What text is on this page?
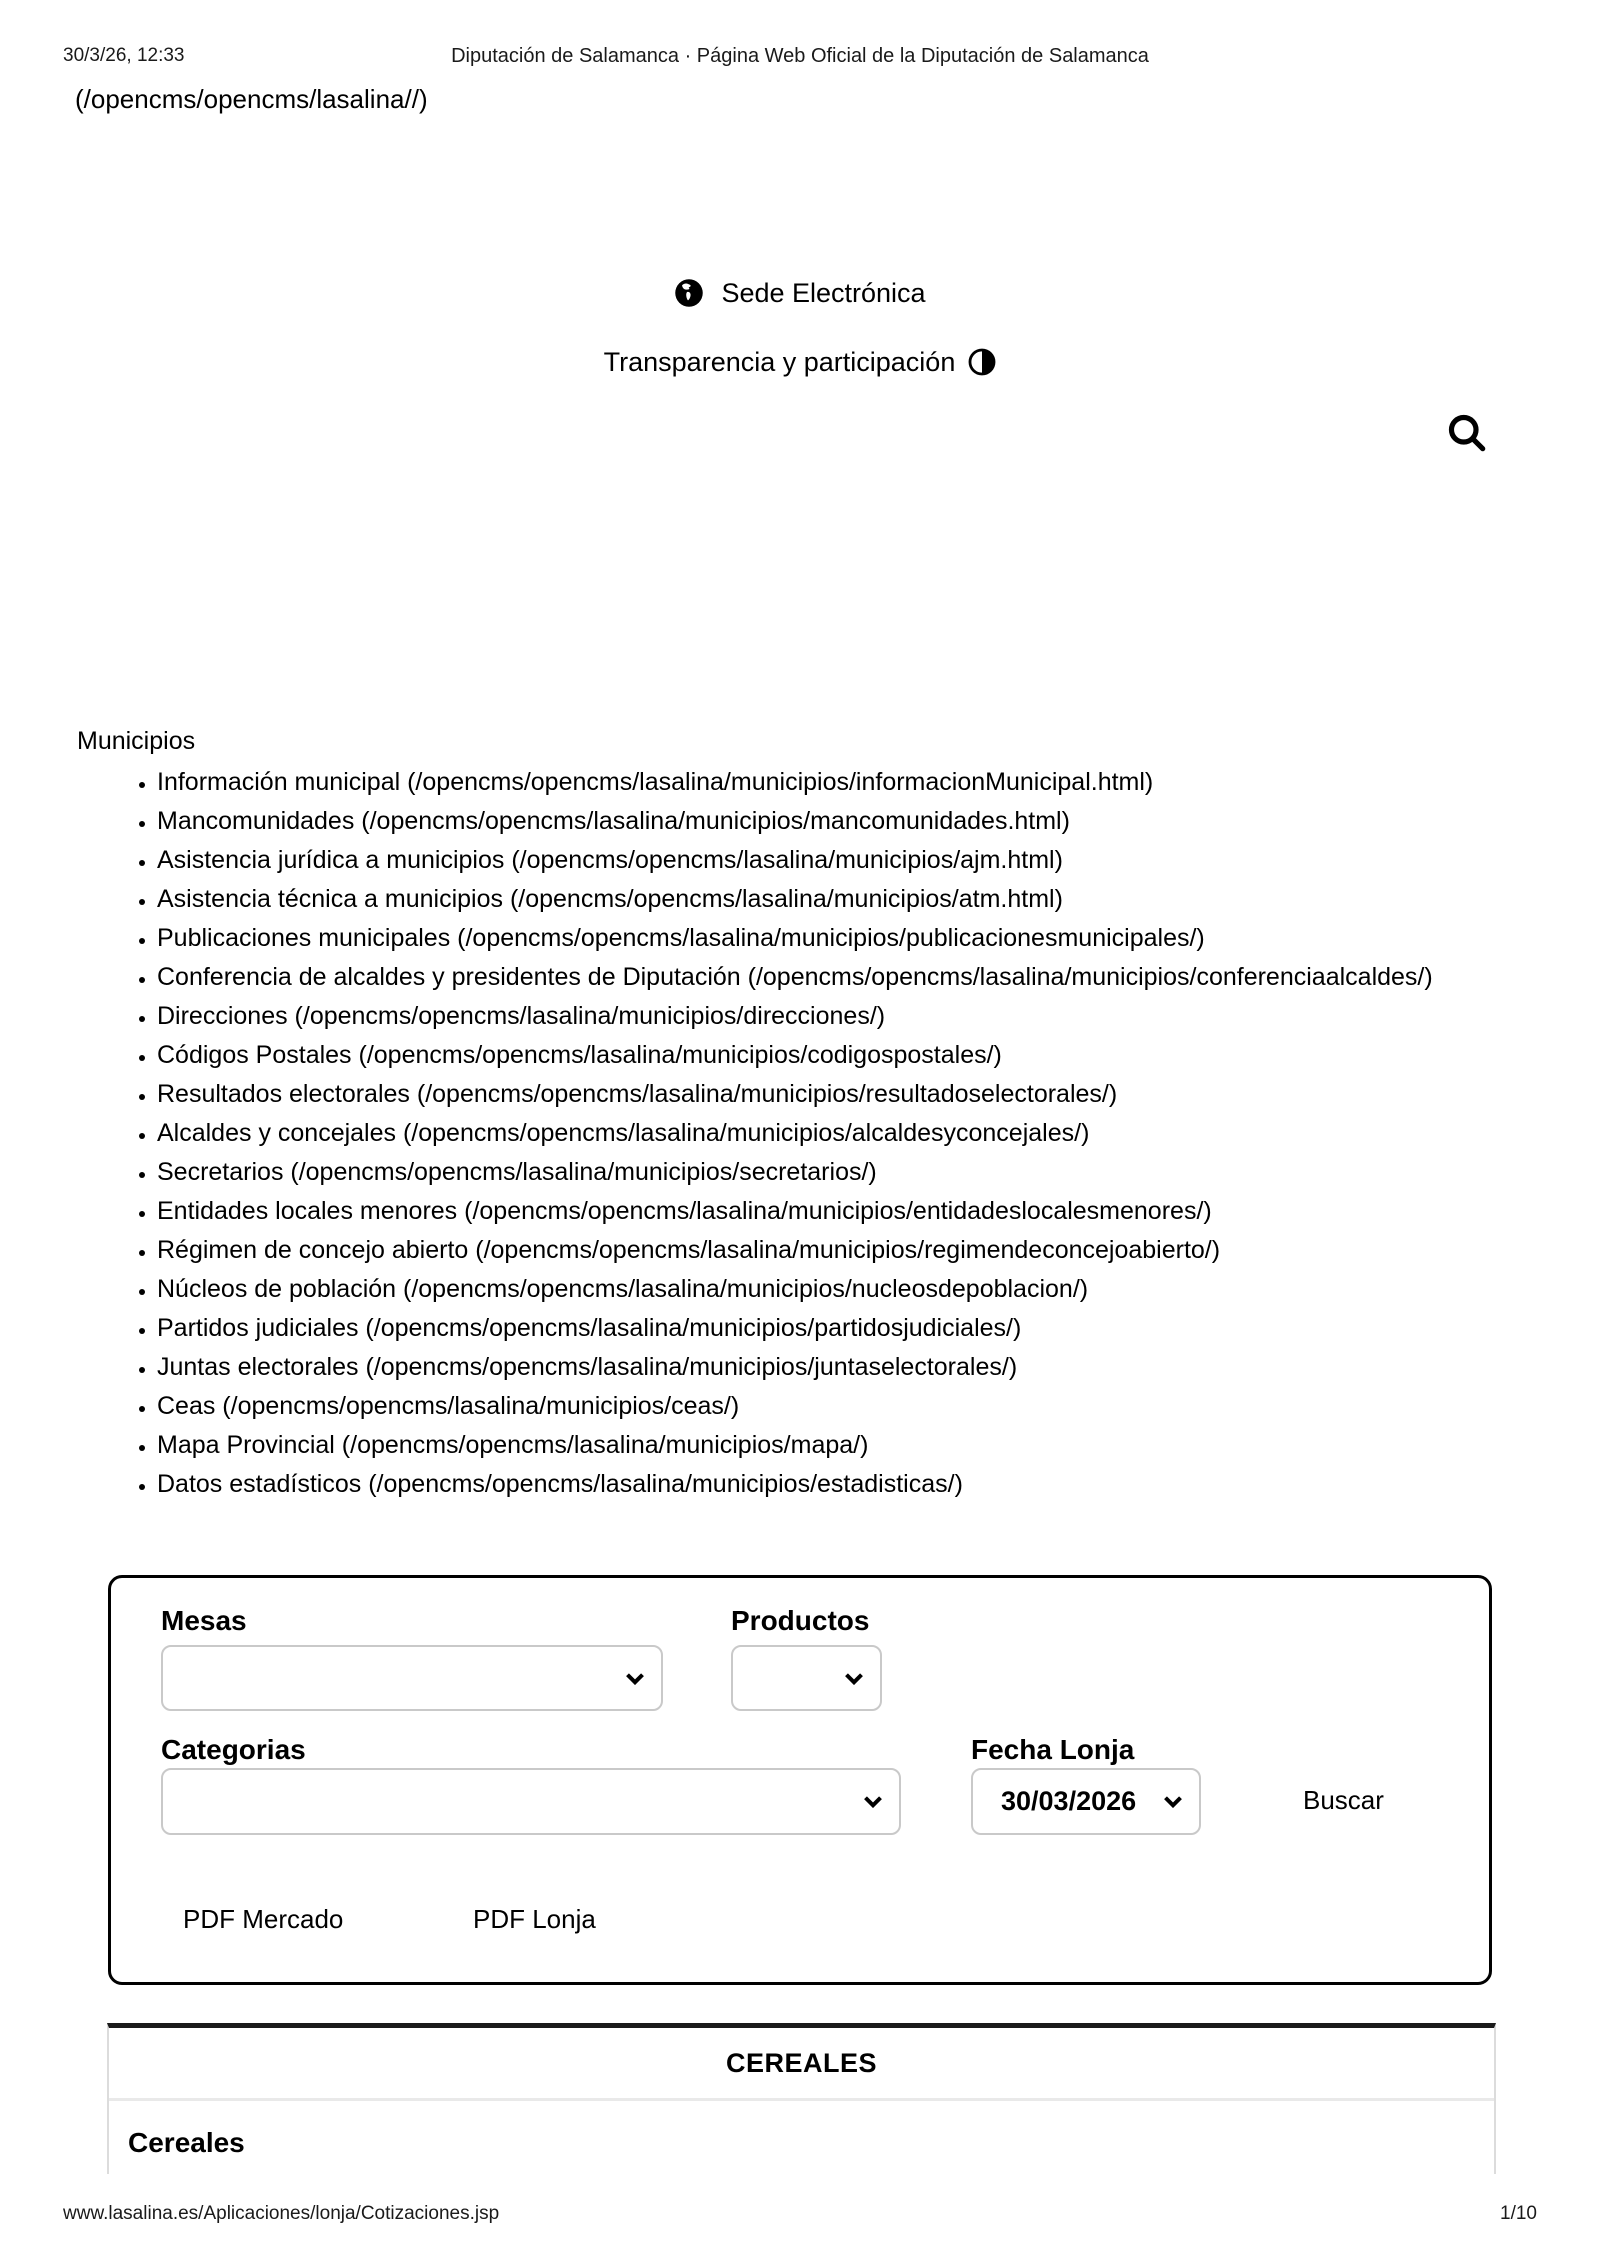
30/3/26, 12:33	Diputación de Salamanca · Página Web Oficial de la Diputación de Salamanca
(/opencms/opencms/lasalina//)
Sede Electrónica
Transparencia y participación
Municipios
• Información municipal (/opencms/opencms/lasalina/municipios/informacionMunicipal.html)
• Mancomunidades (/opencms/opencms/lasalina/municipios/mancomunidades.html)
• Asistencia jurídica a municipios (/opencms/opencms/lasalina/municipios/ajm.html)
• Asistencia técnica a municipios (/opencms/opencms/lasalina/municipios/atm.html)
• Publicaciones municipales (/opencms/opencms/lasalina/municipios/publicacionesmunicipales/)
• Conferencia de alcaldes y presidentes de Diputación (/opencms/opencms/lasalina/municipios/conferenciaalcaldes/)
• Direcciones (/opencms/opencms/lasalina/municipios/direcciones/)
• Códigos Postales (/opencms/opencms/lasalina/municipios/codigospostales/)
• Resultados electorales (/opencms/opencms/lasalina/municipios/resultadoselectorales/)
• Alcaldes y concejales (/opencms/opencms/lasalina/municipios/alcaldesyconcejales/)
• Secretarios (/opencms/opencms/lasalina/municipios/secretarios/)
• Entidades locales menores (/opencms/opencms/lasalina/municipios/entidadeslocalesmenores/)
• Régimen de concejo abierto (/opencms/opencms/lasalina/municipios/regimendeconcejoabierto/)
• Núcleos de población (/opencms/opencms/lasalina/municipios/nucleosdepoblacion/)
• Partidos judiciales (/opencms/opencms/lasalina/municipios/partidosjudiciales/)
• Juntas electorales (/opencms/opencms/lasalina/municipios/juntaselectorales/)
• Ceas (/opencms/opencms/lasalina/municipios/ceas/)
• Mapa Provincial (/opencms/opencms/lasalina/municipios/mapa/)
• Datos estadísticos (/opencms/opencms/lasalina/municipios/estadisticas/)
Mesas	Productos
Categorias	Fecha Lonja
30/03/2026	Buscar
PDF Mercado	PDF Lonja
CEREALES
Cereales
www.lasalina.es/Aplicaciones/lonja/Cotizaciones.jsp	1/10
